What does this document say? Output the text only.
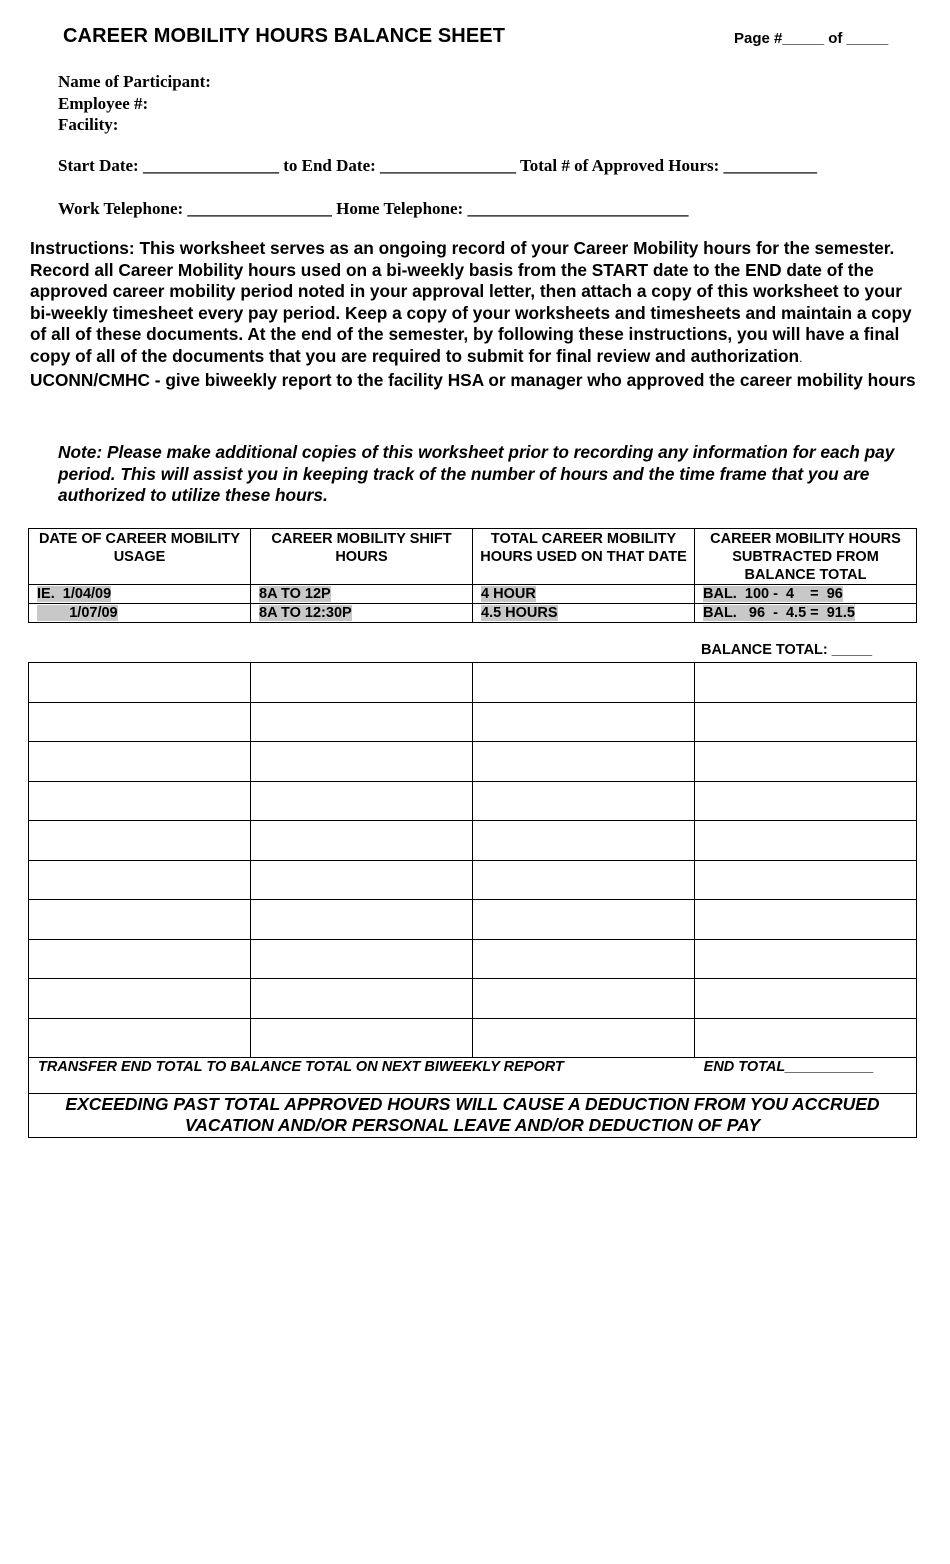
CAREER MOBILITY HOURS BALANCE SHEET	Page #_____ of _____
Name of Participant:
Employee #:
Facility:
Start Date: ________________ to End Date: ________________ Total # of Approved Hours: ___________
Work Telephone: _________________ Home Telephone: __________________________
Instructions: This worksheet serves as an ongoing record of your Career Mobility hours for the semester. Record all Career Mobility hours used on a bi-weekly basis from the START date to the END date of the approved career mobility period noted in your approval letter, then attach a copy of this worksheet to your bi-weekly timesheet every pay period. Keep a copy of your worksheets and timesheets and maintain a copy of all of these documents. At the end of the semester, by following these instructions, you will have a final copy of all of the documents that you are required to submit for final review and authorization.
UCONN/CMHC - give biweekly report to the facility HSA or manager who approved the career mobility hours
Note: Please make additional copies of this worksheet prior to recording any information for each pay period. This will assist you in keeping track of the number of hours and the time frame that you are authorized to utilize these hours.
DATE OF CAREER MOBILITY USAGE	CAREER MOBILITY SHIFT HOURS	TOTAL CAREER MOBILITY HOURS USED ON THAT DATE	CAREER MOBILITY HOURS SUBTRACTED FROM BALANCE TOTAL
IE.  1/04/09	8A TO 12P	4 HOUR	BAL.  100 -  4    =  96
1/07/09	8A TO 12:30P	4.5 HOURS	BAL.   96  -  4.5 =  91.5
BALANCE TOTAL: _____

TRANSFER END TOTAL TO BALANCE TOTAL ON NEXT BIWEEKLY REPORT END TOTAL___________			

EXCEEDING PAST TOTAL APPROVED HOURS WILL CAUSE A DEDUCTION FROM YOU ACCRUED VACATION AND/OR PERSONAL LEAVE AND/OR DEDUCTION OF PAY			
